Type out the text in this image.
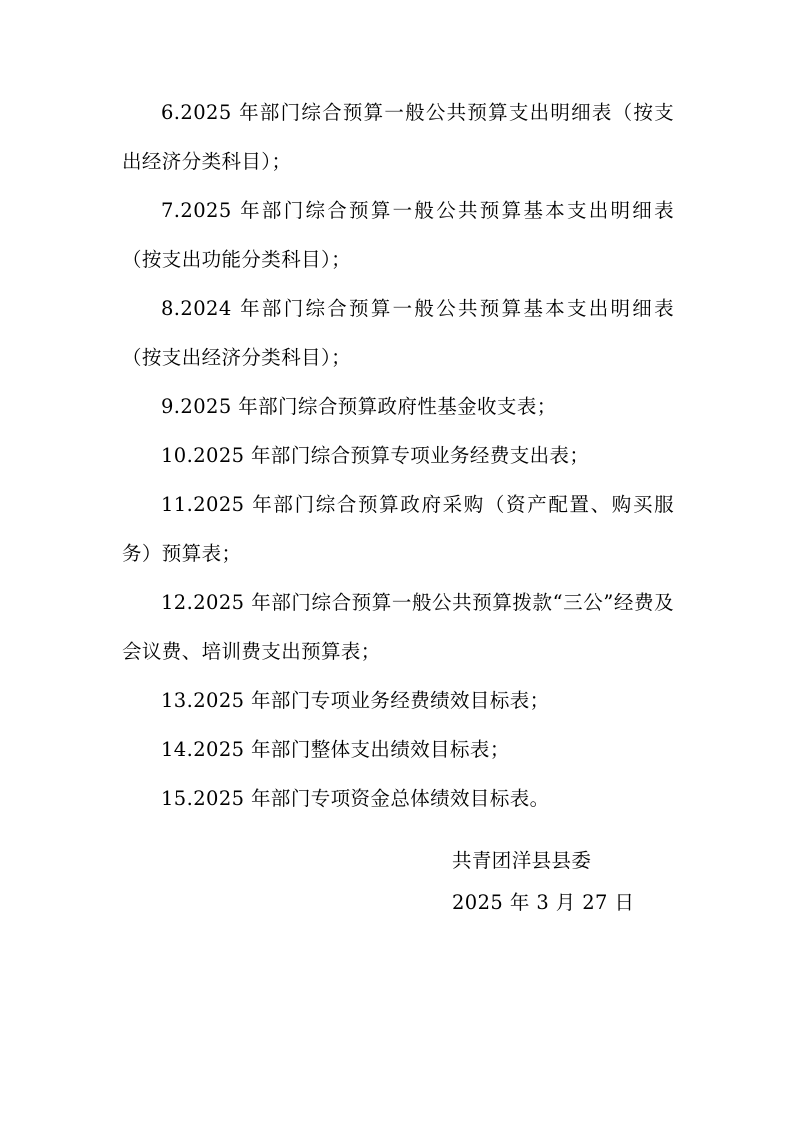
6.2025 年部门综合预算一般公共预算支出明细表（按支出经济分类科目）；

7.2025 年部门综合预算一般公共预算基本支出明细表（按支出功能分类科目）；

8.2024 年部门综合预算一般公共预算基本支出明细表（按支出经济分类科目）；

9.2025 年部门综合预算政府性基金收支表；

10.2025 年部门综合预算专项业务经费支出表；

11.2025 年部门综合预算政府采购（资产配置、购买服务）预算表；

12.2025 年部门综合预算一般公共预算拨款“三公”经费及会议费、培训费支出预算表；

13.2025 年部门专项业务经费绩效目标表；

14.2025 年部门整体支出绩效目标表；

15.2025 年部门专项资金总体绩效目标表。

共青团洋县县委
2025 年 3 月 27 日
